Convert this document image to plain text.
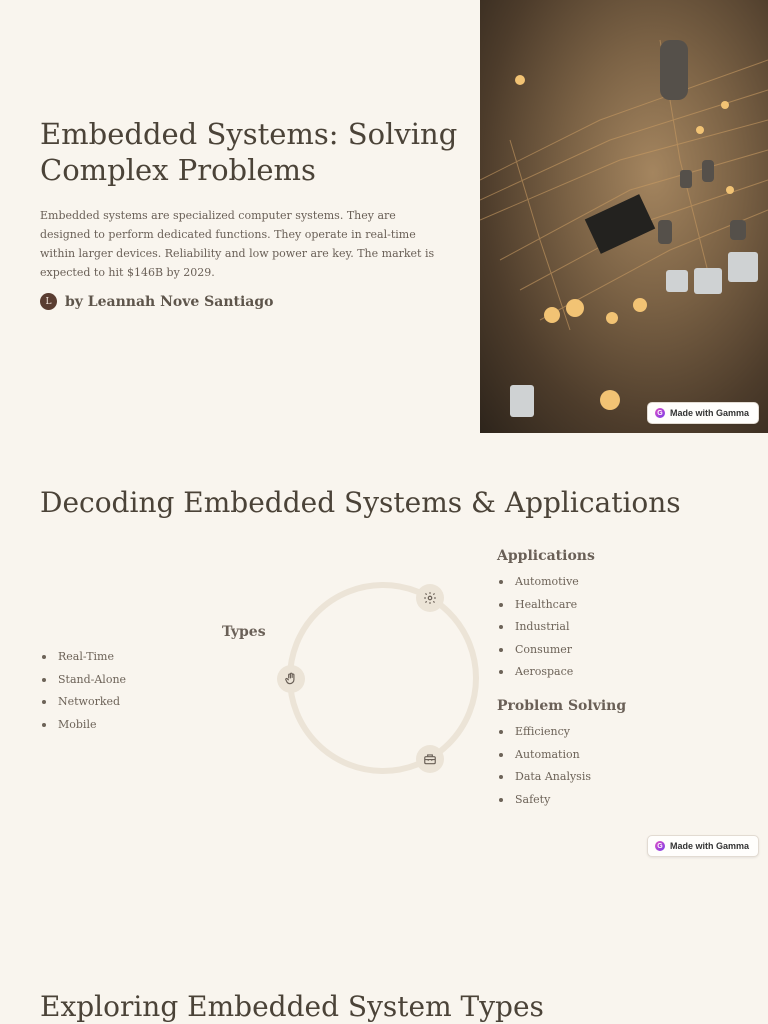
Embedded Systems: Solving Complex Problems

Embedded systems are specialized computer systems. They are designed to perform dedicated functions. They operate in real-time within larger devices. Reliability and low power are key. The market is expected to hit $146B by 2029.

L by Leannah Nove Santiago
G Made with Gamma
Decoding Embedded Systems & Applications
Types
Real-Time
Stand-Alone
Networked
Mobile
Applications
Automotive
Healthcare
Industrial
Consumer
Aerospace
Problem Solving
Efficiency
Automation
Data Analysis
Safety
G Made with Gamma
Exploring Embedded System Types
